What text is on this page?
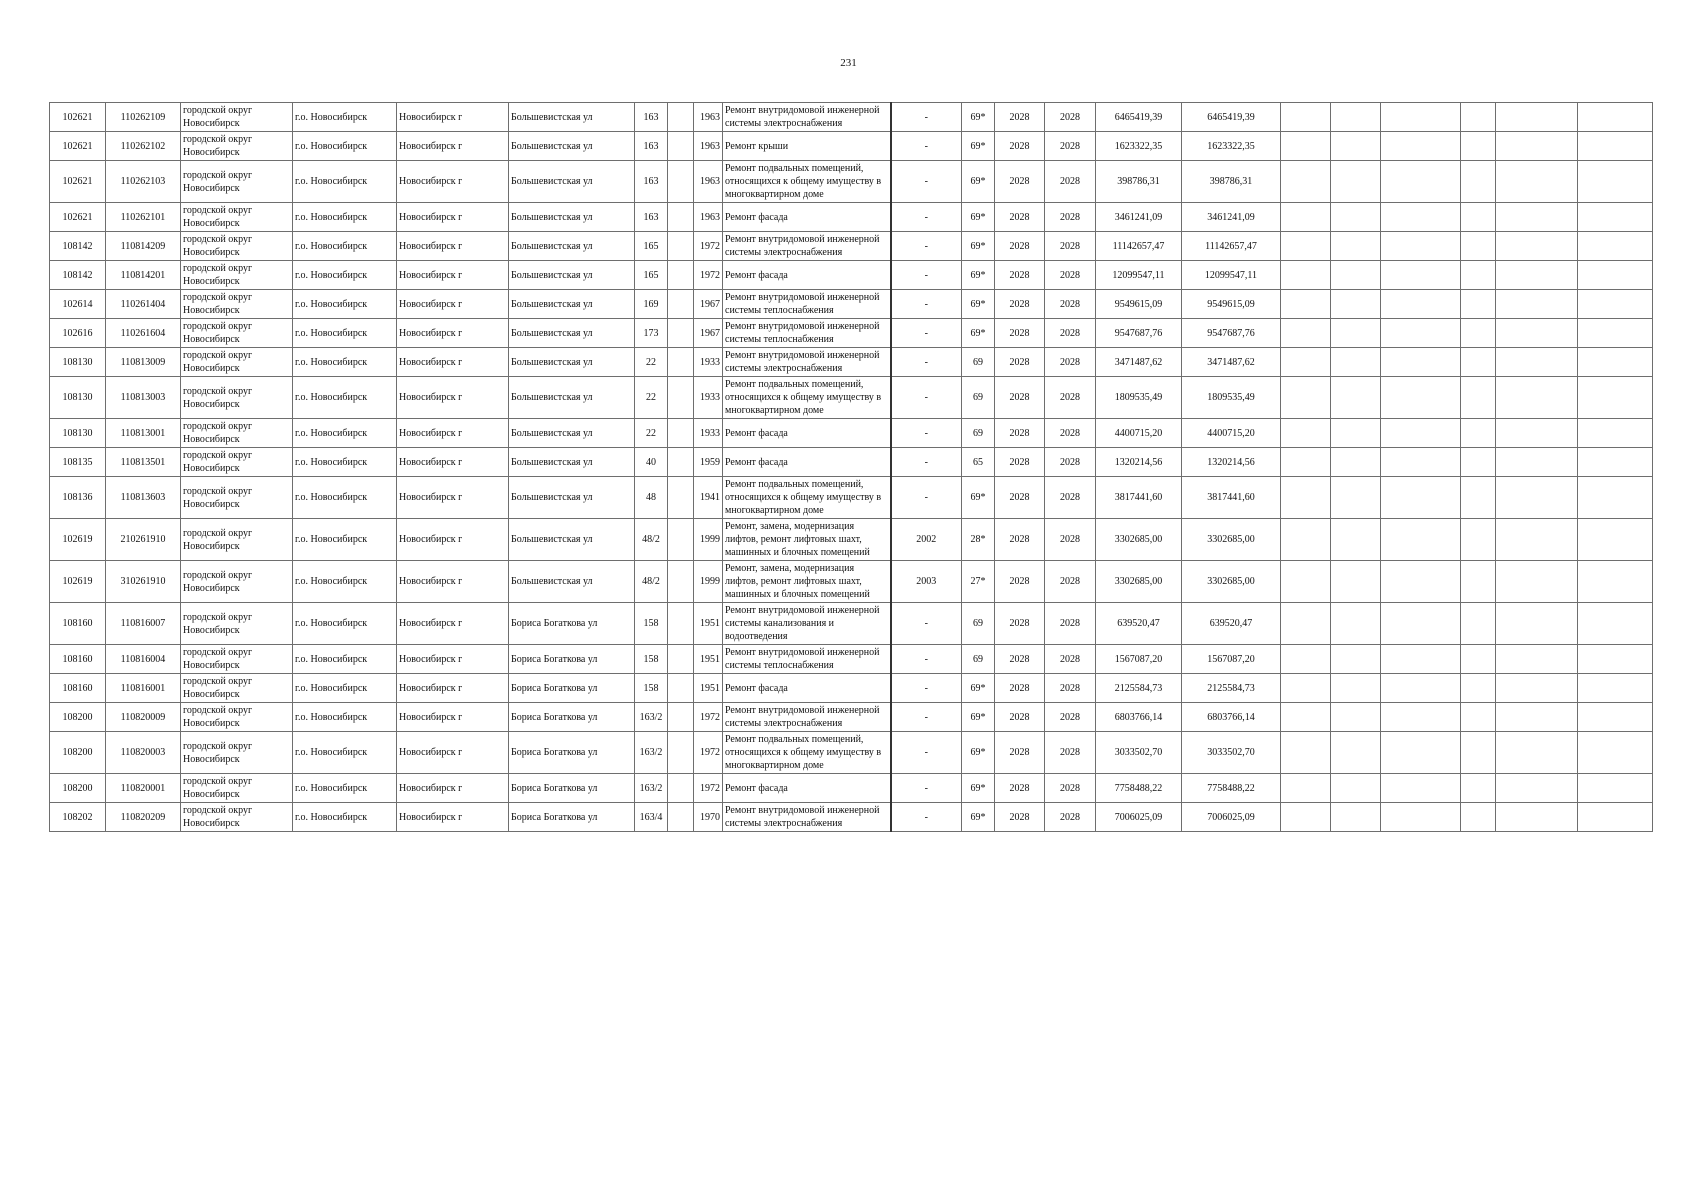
231
102621	110262109	городской округ Новосибирск	г.о. Новосибирск	Новосибирск г	Большевистская ул	163		1963	Ремонт внутридомовой инженерной системы электроснабжения	-	69*	2028	2028	6465419,39	6465419,39						
102621	110262102	городской округ Новосибирск	г.о. Новосибирск	Новосибирск г	Большевистская ул	163		1963	Ремонт крыши	-	69*	2028	2028	1623322,35	1623322,35						
102621	110262103	городской округ Новосибирск	г.о. Новосибирск	Новосибирск г	Большевистская ул	163		1963	Ремонт подвальных помещений, относящихся к общему имуществу в многоквартирном доме	-	69*	2028	2028	398786,31	398786,31						
102621	110262101	городской округ Новосибирск	г.о. Новосибирск	Новосибирск г	Большевистская ул	163		1963	Ремонт фасада	-	69*	2028	2028	3461241,09	3461241,09						
108142	110814209	городской округ Новосибирск	г.о. Новосибирск	Новосибирск г	Большевистская ул	165		1972	Ремонт внутридомовой инженерной системы электроснабжения	-	69*	2028	2028	11142657,47	11142657,47						
108142	110814201	городской округ Новосибирск	г.о. Новосибирск	Новосибирск г	Большевистская ул	165		1972	Ремонт фасада	-	69*	2028	2028	12099547,11	12099547,11						
102614	110261404	городской округ Новосибирск	г.о. Новосибирск	Новосибирск г	Большевистская ул	169		1967	Ремонт внутридомовой инженерной системы теплоснабжения	-	69*	2028	2028	9549615,09	9549615,09						
102616	110261604	городской округ Новосибирск	г.о. Новосибирск	Новосибирск г	Большевистская ул	173		1967	Ремонт внутридомовой инженерной системы теплоснабжения	-	69*	2028	2028	9547687,76	9547687,76						
108130	110813009	городской округ Новосибирск	г.о. Новосибирск	Новосибирск г	Большевистская ул	22		1933	Ремонт внутридомовой инженерной системы электроснабжения	-	69	2028	2028	3471487,62	3471487,62						
108130	110813003	городской округ Новосибирск	г.о. Новосибирск	Новосибирск г	Большевистская ул	22		1933	Ремонт подвальных помещений, относящихся к общему имуществу в многоквартирном доме	-	69	2028	2028	1809535,49	1809535,49						
108130	110813001	городской округ Новосибирск	г.о. Новосибирск	Новосибирск г	Большевистская ул	22		1933	Ремонт фасада	-	69	2028	2028	4400715,20	4400715,20						
108135	110813501	городской округ Новосибирск	г.о. Новосибирск	Новосибирск г	Большевистская ул	40		1959	Ремонт фасада	-	65	2028	2028	1320214,56	1320214,56						
108136	110813603	городской округ Новосибирск	г.о. Новосибирск	Новосибирск г	Большевистская ул	48		1941	Ремонт подвальных помещений, относящихся к общему имуществу в многоквартирном доме	-	69*	2028	2028	3817441,60	3817441,60						
102619	210261910	городской округ Новосибирск	г.о. Новосибирск	Новосибирск г	Большевистская ул	48/2		1999	Ремонт, замена, модернизация лифтов, ремонт лифтовых шахт, машинных и блочных помещений	2002	28*	2028	2028	3302685,00	3302685,00						
102619	310261910	городской округ Новосибирск	г.о. Новосибирск	Новосибирск г	Большевистская ул	48/2		1999	Ремонт, замена, модернизация лифтов, ремонт лифтовых шахт, машинных и блочных помещений	2003	27*	2028	2028	3302685,00	3302685,00						
108160	110816007	городской округ Новосибирск	г.о. Новосибирск	Новосибирск г	Бориса Богаткова ул	158		1951	Ремонт внутридомовой инженерной системы канализования и водоотведения	-	69	2028	2028	639520,47	639520,47						
108160	110816004	городской округ Новосибирск	г.о. Новосибирск	Новосибирск г	Бориса Богаткова ул	158		1951	Ремонт внутридомовой инженерной системы теплоснабжения	-	69	2028	2028	1567087,20	1567087,20						
108160	110816001	городской округ Новосибирск	г.о. Новосибирск	Новосибирск г	Бориса Богаткова ул	158		1951	Ремонт фасада	-	69*	2028	2028	2125584,73	2125584,73						
108200	110820009	городской округ Новосибирск	г.о. Новосибирск	Новосибирск г	Бориса Богаткова ул	163/2		1972	Ремонт внутридомовой инженерной системы электроснабжения	-	69*	2028	2028	6803766,14	6803766,14						
108200	110820003	городской округ Новосибирск	г.о. Новосибирск	Новосибирск г	Бориса Богаткова ул	163/2		1972	Ремонт подвальных помещений, относящихся к общему имуществу в многоквартирном доме	-	69*	2028	2028	3033502,70	3033502,70						
108200	110820001	городской округ Новосибирск	г.о. Новосибирск	Новосибирск г	Бориса Богаткова ул	163/2		1972	Ремонт фасада	-	69*	2028	2028	7758488,22	7758488,22						
108202	110820209	городской округ Новосибирск	г.о. Новосибирск	Новосибирск г	Бориса Богаткова ул	163/4		1970	Ремонт внутридомовой инженерной системы электроснабжения	-	69*	2028	2028	7006025,09	7006025,09						
